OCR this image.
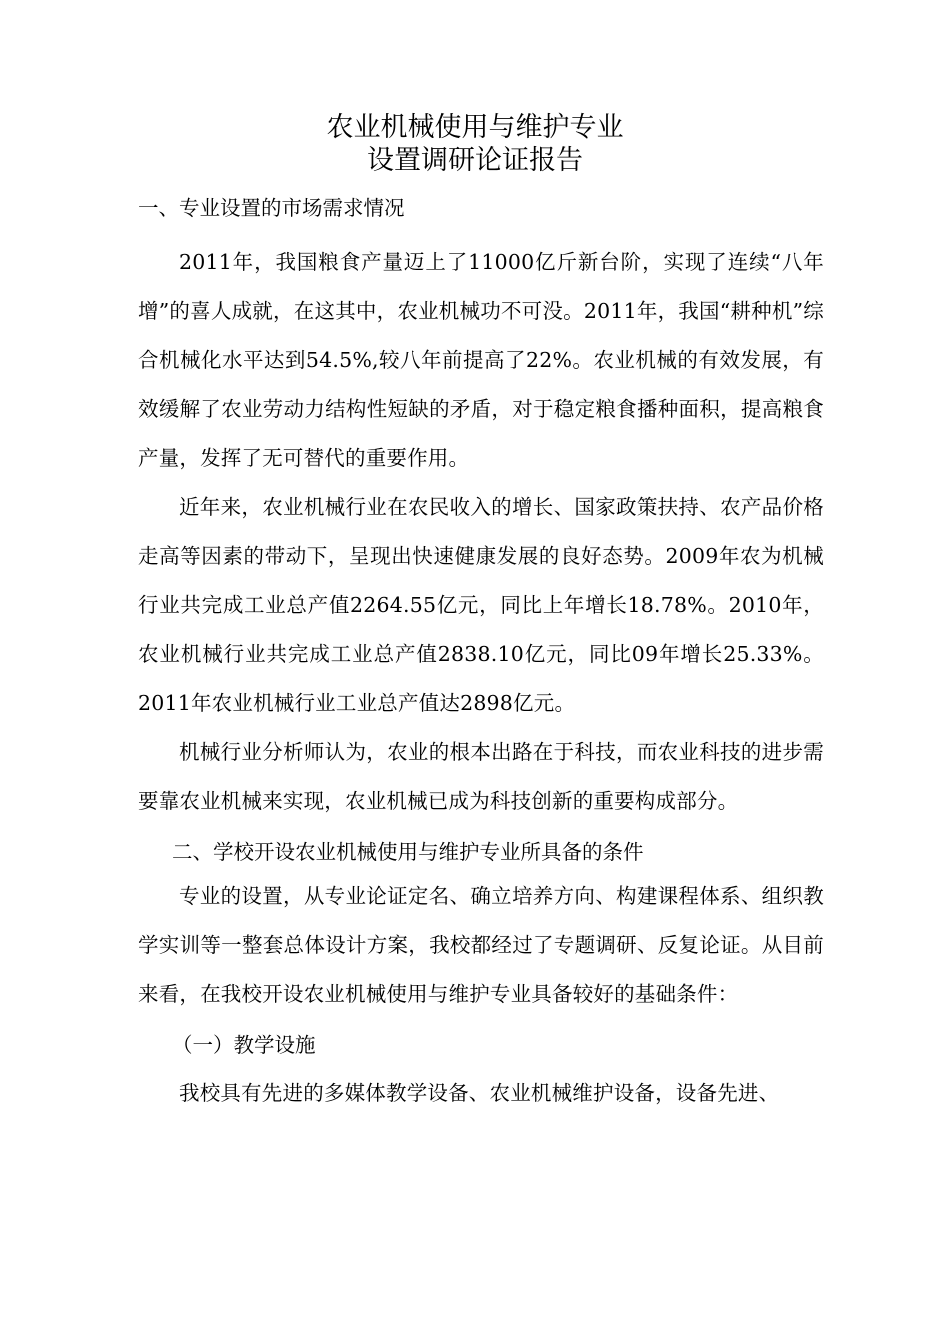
农业机械使用与维护专业
设置调研论证报告

一、专业设置的市场需求情况

2011年，我国粮食产量迈上了11000亿斤新台阶，实现了连续“八年增”的喜人成就，在这其中，农业机械功不可没。2011年，我国“耕种机”综合机械化水平达到54.5%,较八年前提高了22%。农业机械的有效发展，有效缓解了农业劳动力结构性短缺的矛盾，对于稳定粮食播种面积，提高粮食产量，发挥了无可替代的重要作用。

近年来，农业机械行业在农民收入的增长、国家政策扶持、农产品价格走高等因素的带动下，呈现出快速健康发展的良好态势。2009年农为机械行业共完成工业总产值2264.55亿元，同比上年增长18.78%。2010年，农业机械行业共完成工业总产值2838.10亿元，同比09年增长25.33%。2011年农业机械行业工业总产值达2898亿元。

机械行业分析师认为，农业的根本出路在于科技，而农业科技的进步需要靠农业机械来实现，农业机械已成为科技创新的重要构成部分。

二、学校开设农业机械使用与维护专业所具备的条件

专业的设置，从专业论证定名、确立培养方向、构建课程体系、组织教学实训等一整套总体设计方案，我校都经过了专题调研、反复论证。从目前来看，在我校开设农业机械使用与维护专业具备较好的基础条件：

（一）教学设施

我校具有先进的多媒体教学设备、农业机械维护设备，设备先进、
